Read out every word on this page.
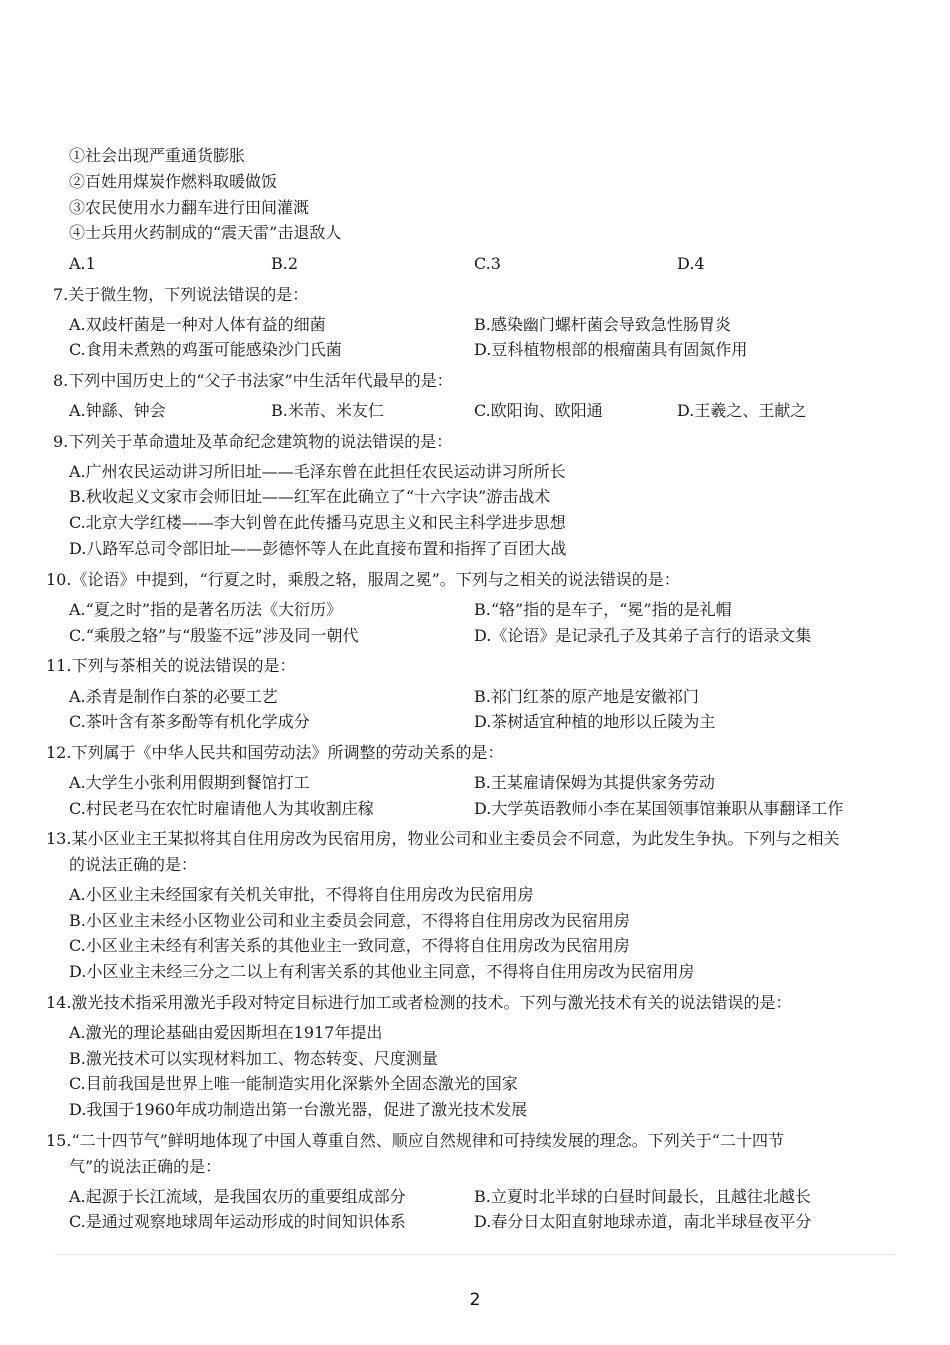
①社会出现严重通货膨胀
②百姓用煤炭作燃料取暖做饭
③农民使用水力翻车进行田间灌溉
④士兵用火药制成的“震天雷”击退敌人
A.1	B.2	C.3	D.4
7.关于微生物，下列说法错误的是：
A.双歧杆菌是一种对人体有益的细菌	B.感染幽门螺杆菌会导致急性肠胃炎
C.食用未煮熟的鸡蛋可能感染沙门氏菌	D.豆科植物根部的根瘤菌具有固氮作用
8.下列中国历史上的“父子书法家”中生活年代最早的是：
A.钟繇、钟会	B.米芾、米友仁	C.欧阳询、欧阳通	D.王羲之、王献之
9.下列关于革命遗址及革命纪念建筑物的说法错误的是：
A.广州农民运动讲习所旧址——毛泽东曾在此担任农民运动讲习所所长
B.秋收起义文家市会师旧址——红军在此确立了“十六字诀”游击战术
C.北京大学红楼——李大钊曾在此传播马克思主义和民主科学进步思想
D.八路军总司令部旧址——彭德怀等人在此直接布置和指挥了百团大战
10.《论语》中提到，“行夏之时，乘殷之辂，服周之冕”。下列与之相关的说法错误的是：
A.“夏之时”指的是著名历法《大衍历》	B.“辂”指的是车子，“冕”指的是礼帽
C.“乘殷之辂”与“殷鉴不远”涉及同一朝代	D.《论语》是记录孔子及其弟子言行的语录文集
11.下列与茶相关的说法错误的是：
A.杀青是制作白茶的必要工艺	B.祁门红茶的原产地是安徽祁门
C.茶叶含有茶多酚等有机化学成分	D.茶树适宜种植的地形以丘陵为主
12.下列属于《中华人民共和国劳动法》所调整的劳动关系的是：
A.大学生小张利用假期到餐馆打工	B.王某雇请保姆为其提供家务劳动
C.村民老马在农忙时雇请他人为其收割庄稼	D.大学英语教师小李在某国领事馆兼职从事翻译工作
13.某小区业主王某拟将其自住用房改为民宿用房，物业公司和业主委员会不同意，为此发生争执。下列与之相关
的说法正确的是：
A.小区业主未经国家有关机关审批，不得将自住用房改为民宿用房
B.小区业主未经小区物业公司和业主委员会同意，不得将自住用房改为民宿用房
C.小区业主未经有利害关系的其他业主一致同意，不得将自住用房改为民宿用房
D.小区业主未经三分之二以上有利害关系的其他业主同意，不得将自住用房改为民宿用房
14.激光技术指采用激光手段对特定目标进行加工或者检测的技术。下列与激光技术有关的说法错误的是：
A.激光的理论基础由爱因斯坦在1917年提出
B.激光技术可以实现材料加工、物态转变、尺度测量
C.目前我国是世界上唯一能制造实用化深紫外全固态激光的国家
D.我国于1960年成功制造出第一台激光器，促进了激光技术发展
15.“二十四节气”鲜明地体现了中国人尊重自然、顺应自然规律和可持续发展的理念。下列关于“二十四节
气”的说法正确的是：
A.起源于长江流域，是我国农历的重要组成部分	B.立夏时北半球的白昼时间最长，且越往北越长
C.是通过观察地球周年运动形成的时间知识体系	D.春分日太阳直射地球赤道，南北半球昼夜平分
2
